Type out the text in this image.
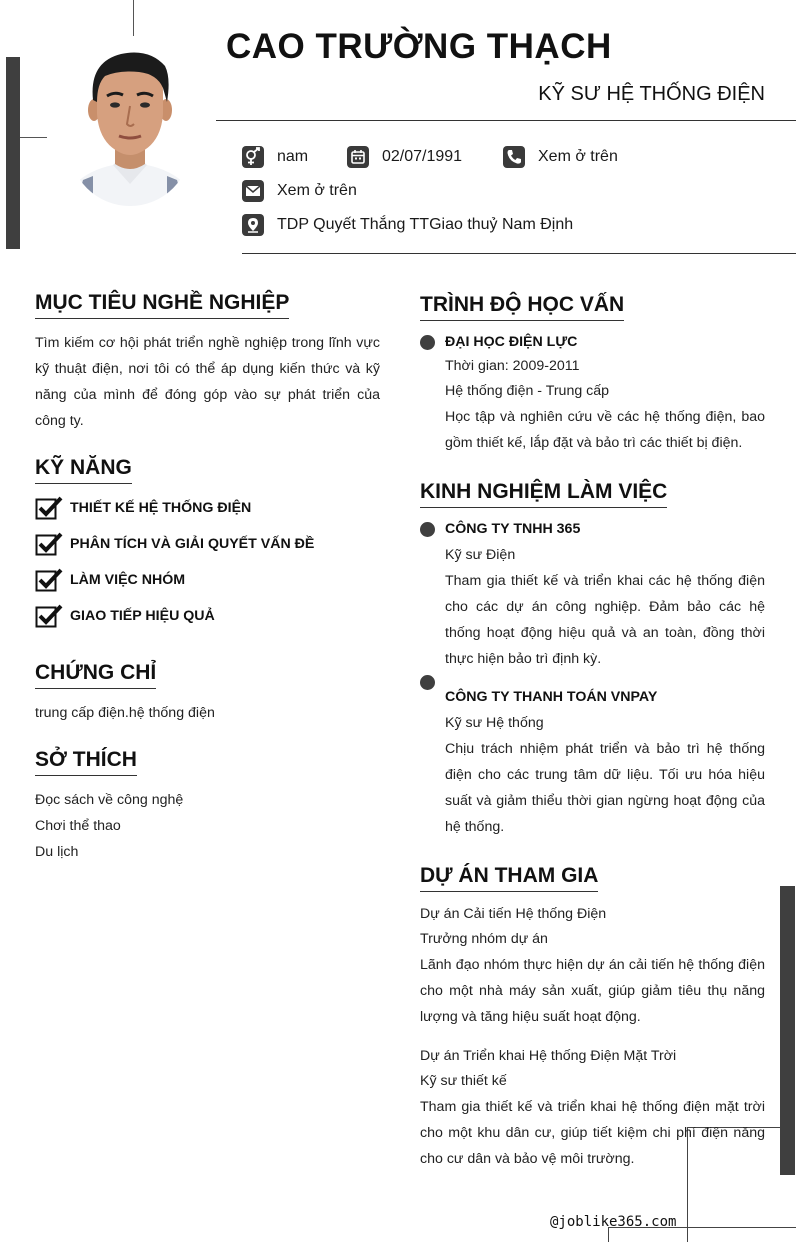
CAO TRƯỜNG THẠCH
KỸ SƯ HỆ THỐNG ĐIỆN
nam	02/07/1991	Xem ở trên
Xem ở trên
TDP Quyết Thắng TTGiao thuỷ Nam Định
MỤC TIÊU NGHỀ NGHIỆP
Tìm kiếm cơ hội phát triển nghề nghiệp trong lĩnh vực kỹ thuật điện, nơi tôi có thể áp dụng kiến thức và kỹ năng của mình để đóng góp vào sự phát triển của công ty.
KỸ NĂNG
THIẾT KẾ HỆ THỐNG ĐIỆN
PHÂN TÍCH VÀ GIẢI QUYẾT VẤN ĐỀ
LÀM VIỆC NHÓM
GIAO TIẾP HIỆU QUẢ
CHỨNG CHỈ
trung cấp điện.hệ thống điện
SỞ THÍCH
Đọc sách về công nghệ
Chơi thể thao
Du lịch
TRÌNH ĐỘ HỌC VẤN
ĐẠI HỌC ĐIỆN LỰC
Thời gian: 2009-2011
Hệ thống điện - Trung cấp
Học tập và nghiên cứu về các hệ thống điện, bao gồm thiết kế, lắp đặt và bảo trì các thiết bị điện.
KINH NGHIỆM LÀM VIỆC
CÔNG TY TNHH 365
Kỹ sư Điện
Tham gia thiết kế và triển khai các hệ thống điện cho các dự án công nghiệp. Đảm bảo các hệ thống hoạt động hiệu quả và an toàn, đồng thời thực hiện bảo trì định kỳ.
CÔNG TY THANH TOÁN VNPAY
Kỹ sư Hệ thống
Chịu trách nhiệm phát triển và bảo trì hệ thống điện cho các trung tâm dữ liệu. Tối ưu hóa hiệu suất và giảm thiểu thời gian ngừng hoạt động của hệ thống.
DỰ ÁN THAM GIA
Dự án Cải tiến Hệ thống Điện
Trưởng nhóm dự án
Lãnh đạo nhóm thực hiện dự án cải tiến hệ thống điện cho một nhà máy sản xuất, giúp giảm tiêu thụ năng lượng và tăng hiệu suất hoạt động.
Dự án Triển khai Hệ thống Điện Mặt Trời
Kỹ sư thiết kế
Tham gia thiết kế và triển khai hệ thống điện mặt trời cho một khu dân cư, giúp tiết kiệm chi phí điện năng cho cư dân và bảo vệ môi trường.
@joblike365.com
